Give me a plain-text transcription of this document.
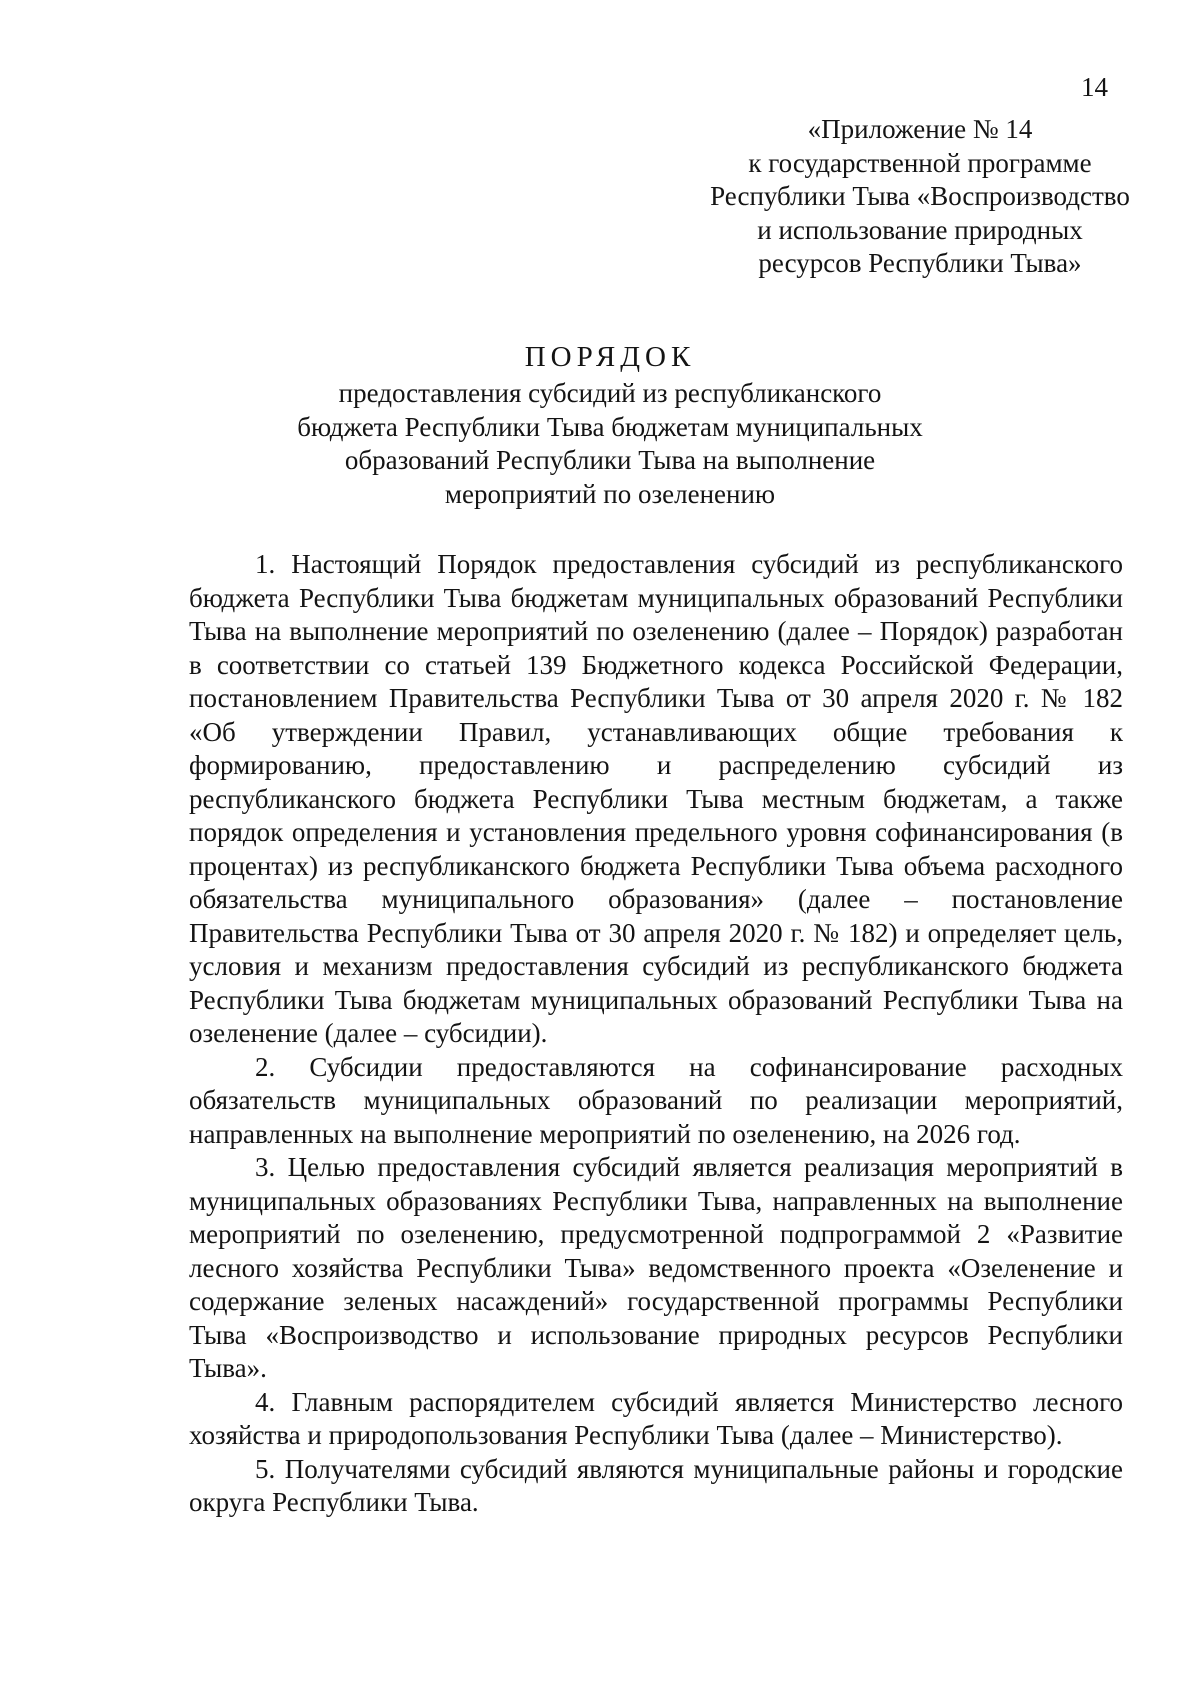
14
«Приложение № 14
к государственной программе
Республики Тыва «Воспроизводство
и использование природных
ресурсов Республики Тыва»
ПОРЯДОК
предоставления субсидий из республиканского
бюджета Республики Тыва бюджетам муниципальных
образований Республики Тыва на выполнение
мероприятий по озеленению

1. Настоящий Порядок предоставления субсидий из республиканского бюджета Республики Тыва бюджетам муниципальных образований Республики Тыва на выполнение мероприятий по озеленению (далее – Порядок) разработан в соответствии со статьей 139 Бюджетного кодекса Российской Федерации, постановлением Правительства Республики Тыва от 30 апреля 2020 г. № 182 «Об утверждении Правил, устанавливающих общие требования к формированию, предоставлению и распределению субсидий из республиканского бюджета Республики Тыва местным бюджетам, а также порядок определения и установления предельного уровня софинансирования (в процентах) из республиканского бюджета Республики Тыва объема расходного обязательства муниципального образования» (далее – постановление Правительства Республики Тыва от 30 апреля 2020 г. № 182) и определяет цель, условия и механизм предоставления субсидий из республиканского бюджета Республики Тыва бюджетам муниципальных образований Республики Тыва на озеленение (далее – субсидии).

2. Субсидии предоставляются на софинансирование расходных обязательств муниципальных образований по реализации мероприятий, направленных на выполнение мероприятий по озеленению, на 2026 год.

3. Целью предоставления субсидий является реализация мероприятий в муниципальных образованиях Республики Тыва, направленных на выполнение мероприятий по озеленению, предусмотренной подпрограммой 2 «Развитие лесного хозяйства Республики Тыва» ведомственного проекта «Озеленение и содержание зеленых насаждений» государственной программы Республики Тыва «Воспроизводство и использование природных ресурсов Республики Тыва».

4. Главным распорядителем субсидий является Министерство лесного хозяйства и природопользования Республики Тыва (далее – Министерство).

5. Получателями субсидий являются муниципальные районы и городские округа Республики Тыва.
